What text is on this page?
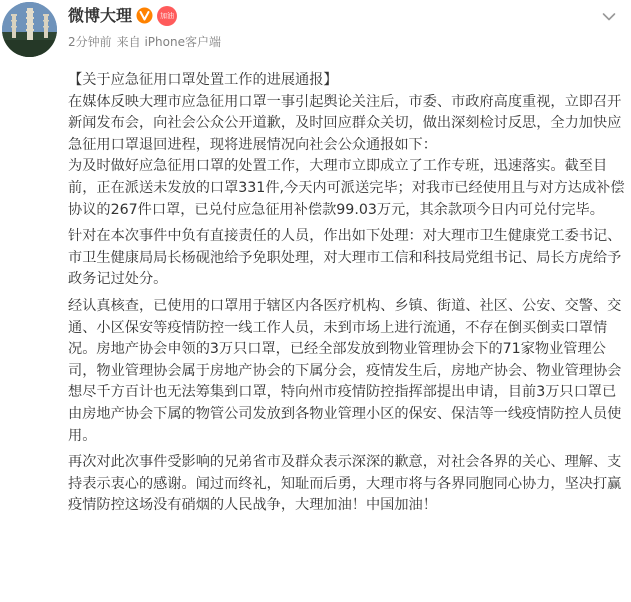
微博大理	加油
2分钟前 来自 iPhone客户端

【关于应急征用口罩处置工作的进展通报】

在媒体反映大理市应急征用口罩一事引起舆论关注后，市委、市政府高度重视，立即召开新闻发布会，向社会公众公开道歉，及时回应群众关切，做出深刻检讨反思，全力加快应急征用口罩退回进程，现将进展情况向社会公众通报如下：

为及时做好应急征用口罩的处置工作，大理市立即成立了工作专班，迅速落实。截至目前，正在派送未发放的口罩331件,今天内可派送完毕；对我市已经使用且与对方达成补偿协议的267件口罩，已兑付应急征用补偿款99.03万元，其余款项今日内可兑付完毕。

针对在本次事件中负有直接责任的人员，作出如下处理：对大理市卫生健康党工委书记、市卫生健康局局长杨砚池给予免职处理，对大理市工信和科技局党组书记、局长方虎给予政务记过处分。

经认真核查，已使用的口罩用于辖区内各医疗机构、乡镇、街道、社区、公安、交警、交通、小区保安等疫情防控一线工作人员，未到市场上进行流通，不存在倒买倒卖口罩情况。房地产协会申领的3万只口罩，已经全部发放到物业管理协会下的71家物业管理公司，物业管理协会属于房地产协会的下属分会，疫情发生后，房地产协会、物业管理协会想尽千方百计也无法筹集到口罩，特向州市疫情防控指挥部提出申请，目前3万只口罩已由房地产协会下属的物管公司发放到各物业管理小区的保安、保洁等一线疫情防控人员使用。

再次对此次事件受影响的兄弟省市及群众表示深深的歉意，对社会各界的关心、理解、支持表示衷心的感谢。闻过而终礼，知耻而后勇，大理市将与各界同胞同心协力，坚决打赢疫情防控这场没有硝烟的人民战争，大理加油！中国加油！
